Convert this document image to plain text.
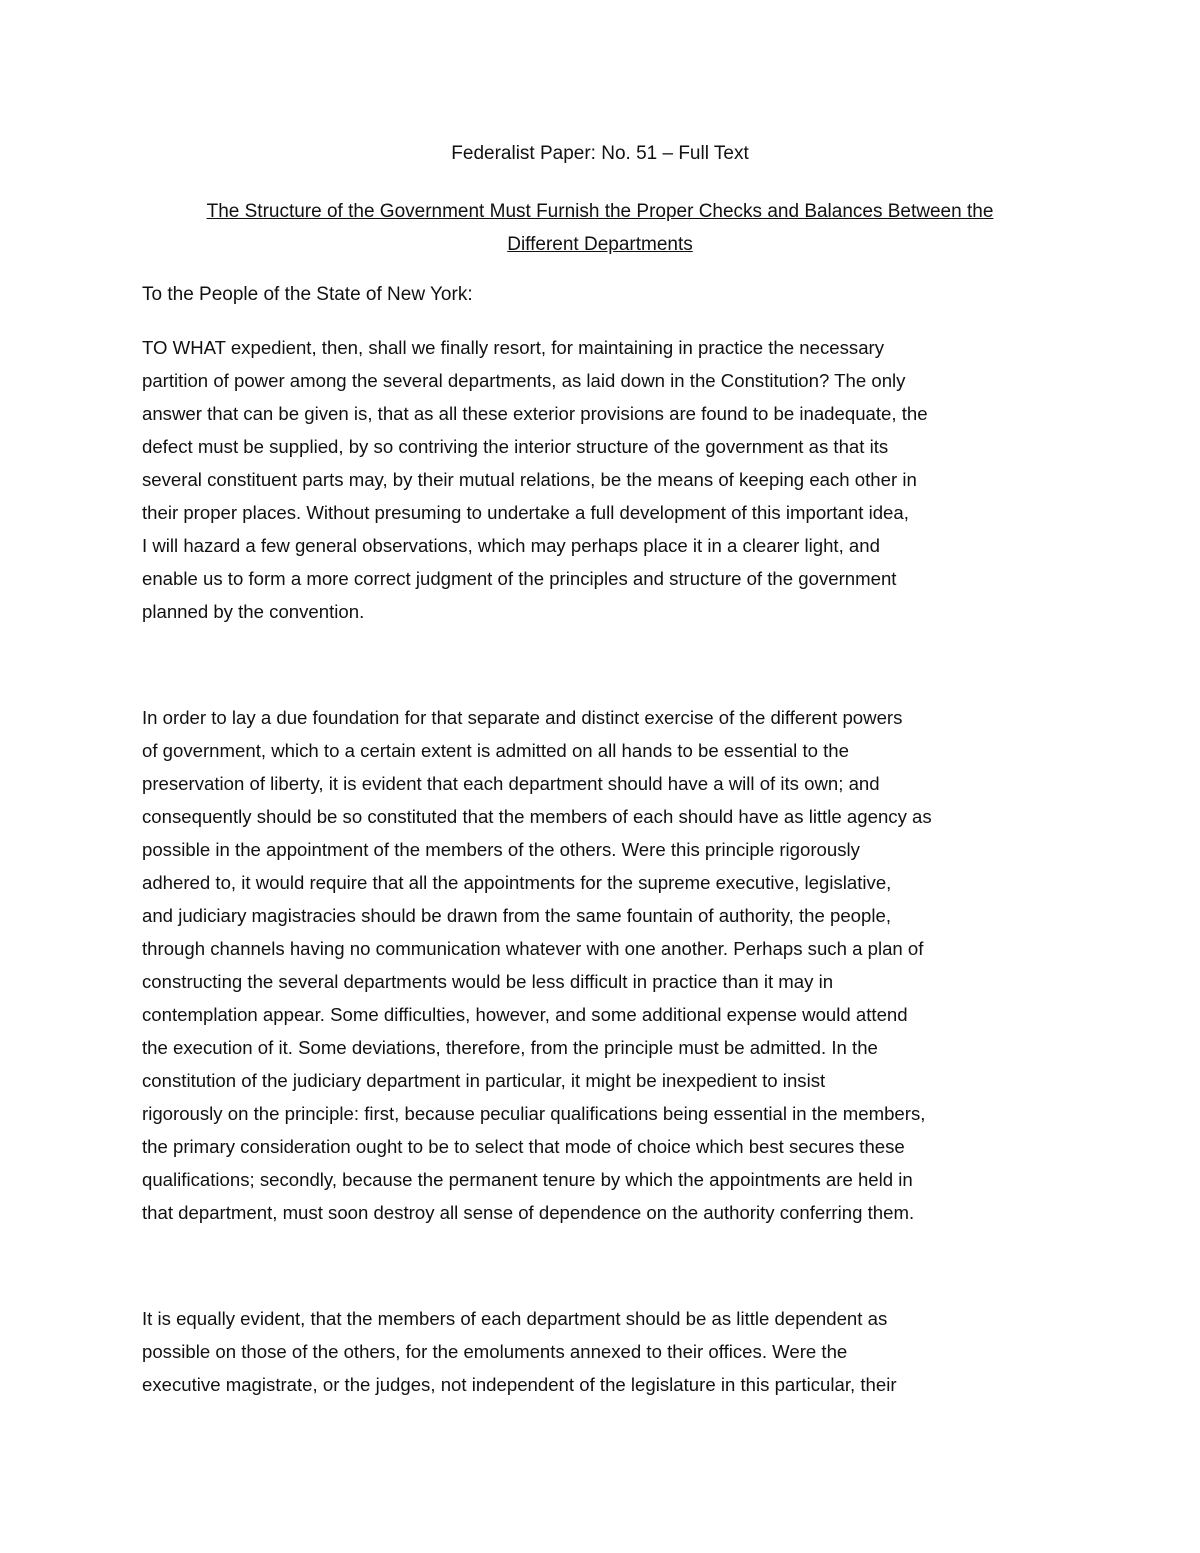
Federalist Paper: No. 51 – Full Text
The Structure of the Government Must Furnish the Proper Checks and Balances Between the
Different Departments
To the People of the State of New York:
TO WHAT expedient, then, shall we finally resort, for maintaining in practice the necessary
partition of power among the several departments, as laid down in the Constitution? The only
answer that can be given is, that as all these exterior provisions are found to be inadequate, the
defect must be supplied, by so contriving the interior structure of the government as that its
several constituent parts may, by their mutual relations, be the means of keeping each other in
their proper places. Without presuming to undertake a full development of this important idea,
I will hazard a few general observations, which may perhaps place it in a clearer light, and
enable us to form a more correct judgment of the principles and structure of the government
planned by the convention.
In order to lay a due foundation for that separate and distinct exercise of the different powers
of government, which to a certain extent is admitted on all hands to be essential to the
preservation of liberty, it is evident that each department should have a will of its own; and
consequently should be so constituted that the members of each should have as little agency as
possible in the appointment of the members of the others. Were this principle rigorously
adhered to, it would require that all the appointments for the supreme executive, legislative,
and judiciary magistracies should be drawn from the same fountain of authority, the people,
through channels having no communication whatever with one another. Perhaps such a plan of
constructing the several departments would be less difficult in practice than it may in
contemplation appear. Some difficulties, however, and some additional expense would attend
the execution of it. Some deviations, therefore, from the principle must be admitted. In the
constitution of the judiciary department in particular, it might be inexpedient to insist
rigorously on the principle: first, because peculiar qualifications being essential in the members,
the primary consideration ought to be to select that mode of choice which best secures these
qualifications; secondly, because the permanent tenure by which the appointments are held in
that department, must soon destroy all sense of dependence on the authority conferring them.
It is equally evident, that the members of each department should be as little dependent as
possible on those of the others, for the emoluments annexed to their offices. Were the
executive magistrate, or the judges, not independent of the legislature in this particular, their
